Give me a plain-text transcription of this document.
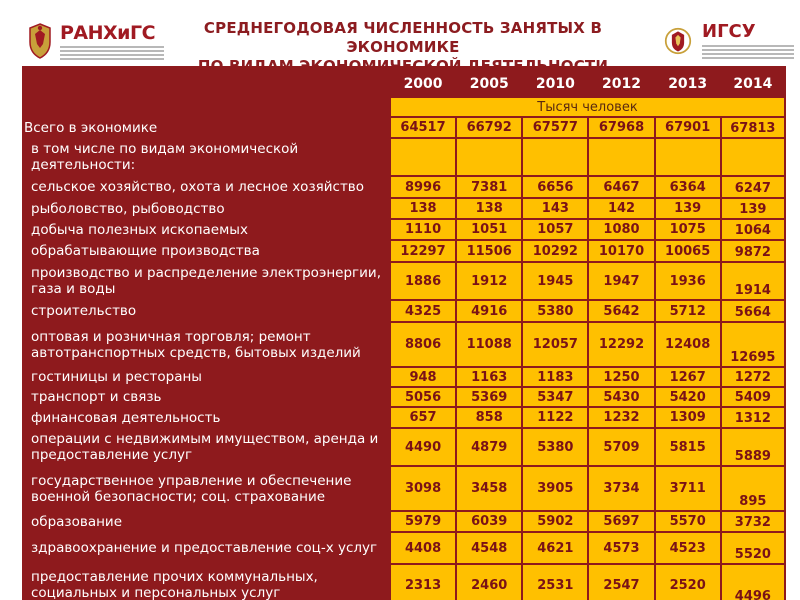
РАНХиГС	СРЕДНЕГОДОВАЯ ЧИСЛЕННОСТЬ ЗАНЯТЫХ В ЭКОНОМИКЕ
ИГСУ
	2000	2005	2010	2012	2013	2014
	Тысяч человек					
Всего в экономике	64517	66792	67577	67968	67901	67813
в том числе по видам экономической деятельности:						
сельское хозяйство, охота и лесное хозяйство	8996	7381	6656	6467	6364	6247
рыболовство, рыбоводство	138	138	143	142	139	139
добыча полезных ископаемых	1110	1051	1057	1080	1075	1064
обрабатывающие производства	12297	11506	10292	10170	10065	9872
производство и распределение электроэнергии, газа и воды	1886	1912	1945	1947	1936	1914
строительство	4325	4916	5380	5642	5712	5664
оптовая и розничная торговля; ремонт автотранспортных средств, бытовых изделий	8806	11088	12057	12292	12408	12695
гостиницы и рестораны	948	1163	1183	1250	1267	1272
транспорт и связь	5056	5369	5347	5430	5420	5409
финансовая деятельность	657	858	1122	1232	1309	1312
операции с недвижимым имуществом, аренда и предоставление услуг	4490	4879	5380	5709	5815	5889
государственное управление и обеспечение военной безопасности; соц. страхование	3098	3458	3905	3734	3711	895
образование	5979	6039	5902	5697	5570	3732
здравоохранение и предоставление соц-х услуг	4408	4548	4621	4573	4523	5520
предоставление прочих коммунальных, социальных и персональных услуг	2313	2460	2531	2547	2520	4496
